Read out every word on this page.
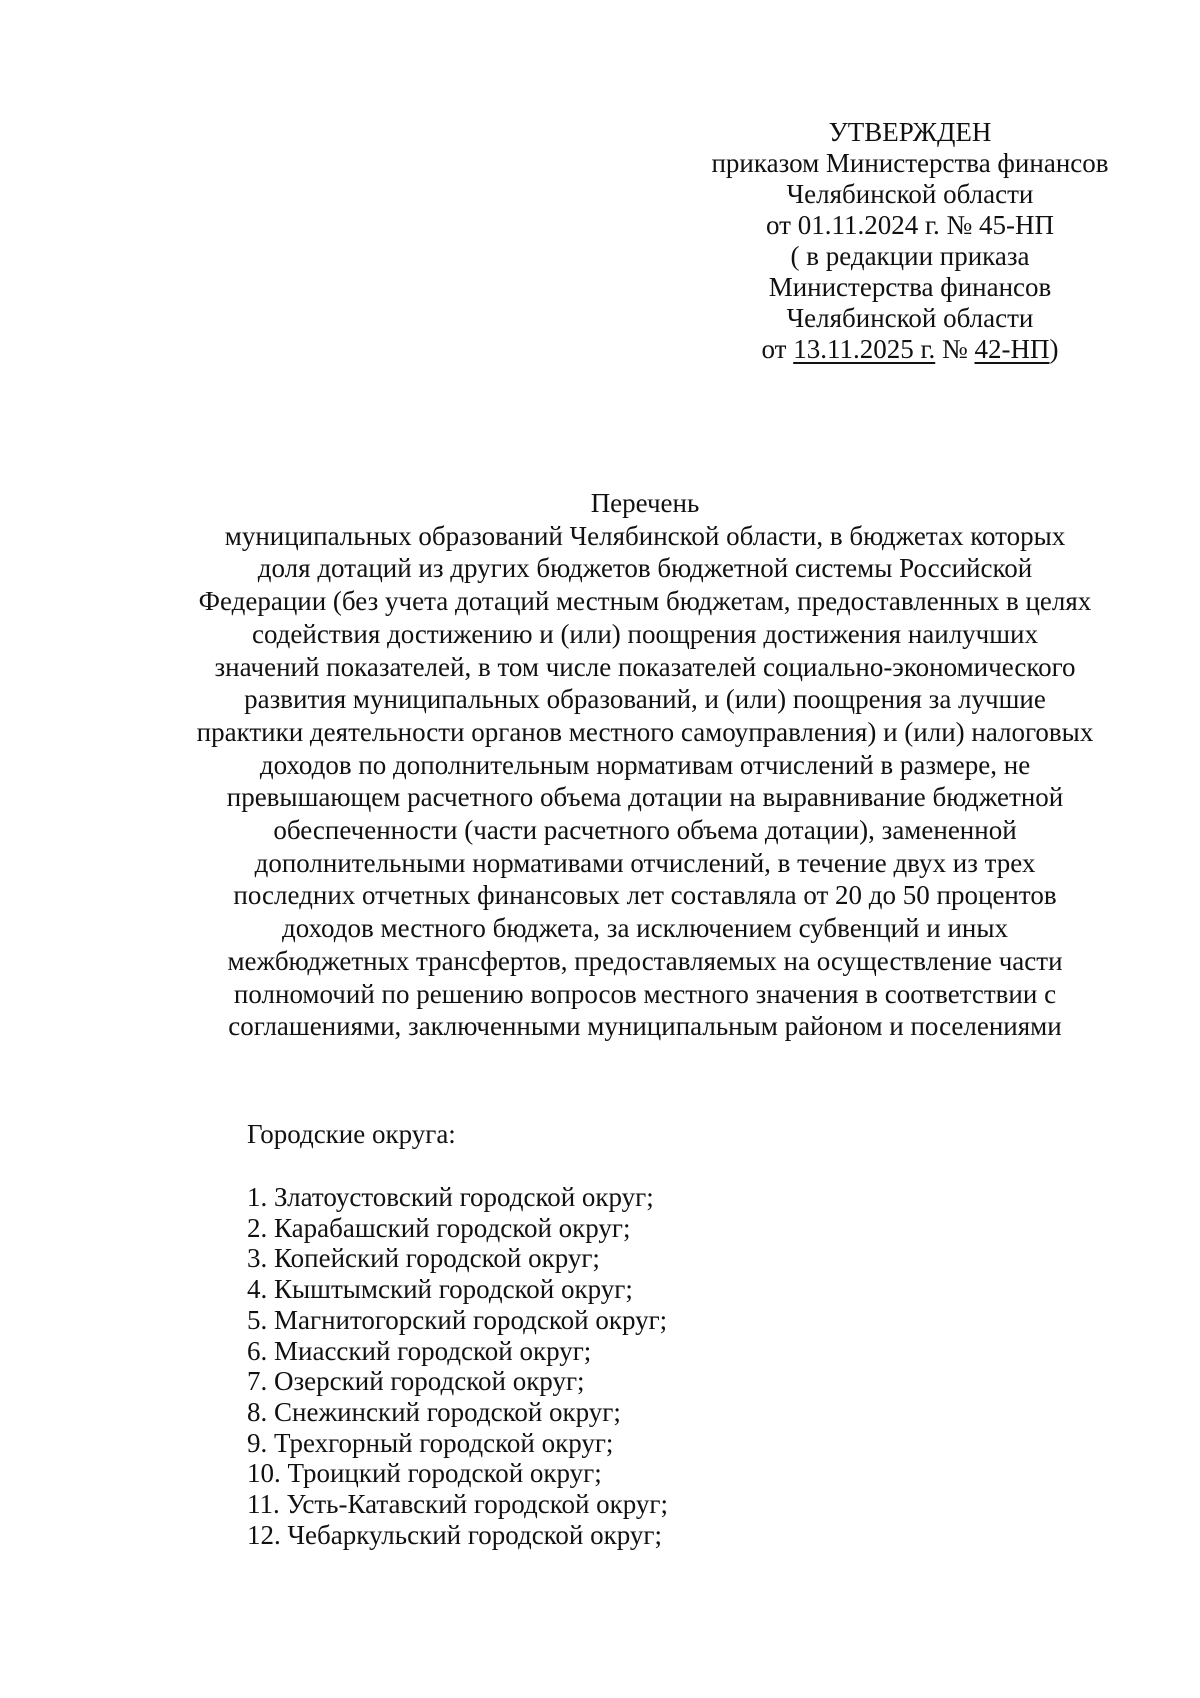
УТВЕРЖДЕН
приказом Министерства финансов
Челябинской области
от 01.11.2024 г. № 45-НП
( в редакции приказа
Министерства финансов
Челябинской области
от 13.11.2025 г. № 42-НП)
Перечень
муниципальных образований Челябинской области, в бюджетах которых
доля дотаций из других бюджетов бюджетной системы Российской
Федерации (без учета дотаций местным бюджетам, предоставленных в целях
содействия достижению и (или) поощрения достижения наилучших
значений показателей, в том числе показателей социально-экономического
развития муниципальных образований, и (или) поощрения за лучшие
практики деятельности органов местного самоуправления) и (или) налоговых
доходов по дополнительным нормативам отчислений в размере, не
превышающем расчетного объема дотации на выравнивание бюджетной
обеспеченности (части расчетного объема дотации), замененной
дополнительными нормативами отчислений, в течение двух из трех
последних отчетных финансовых лет составляла от 20 до 50 процентов
доходов местного бюджета, за исключением субвенций и иных
межбюджетных трансфертов, предоставляемых на осуществление части
полномочий по решению вопросов местного значения в соответствии с
соглашениями, заключенными муниципальным районом и поселениями
Городские округа:
1. Златоустовский городской округ;
2. Карабашский городской округ;
3. Копейский городской округ;
4. Кыштымский городской округ;
5. Магнитогорский городской округ;
6. Миасский городской округ;
7. Озерский городской округ;
8. Снежинский городской округ;
9. Трехгорный городской округ;
10. Троицкий городской округ;
11. Усть-Катавский городской округ;
12. Чебаркульский городской округ;
